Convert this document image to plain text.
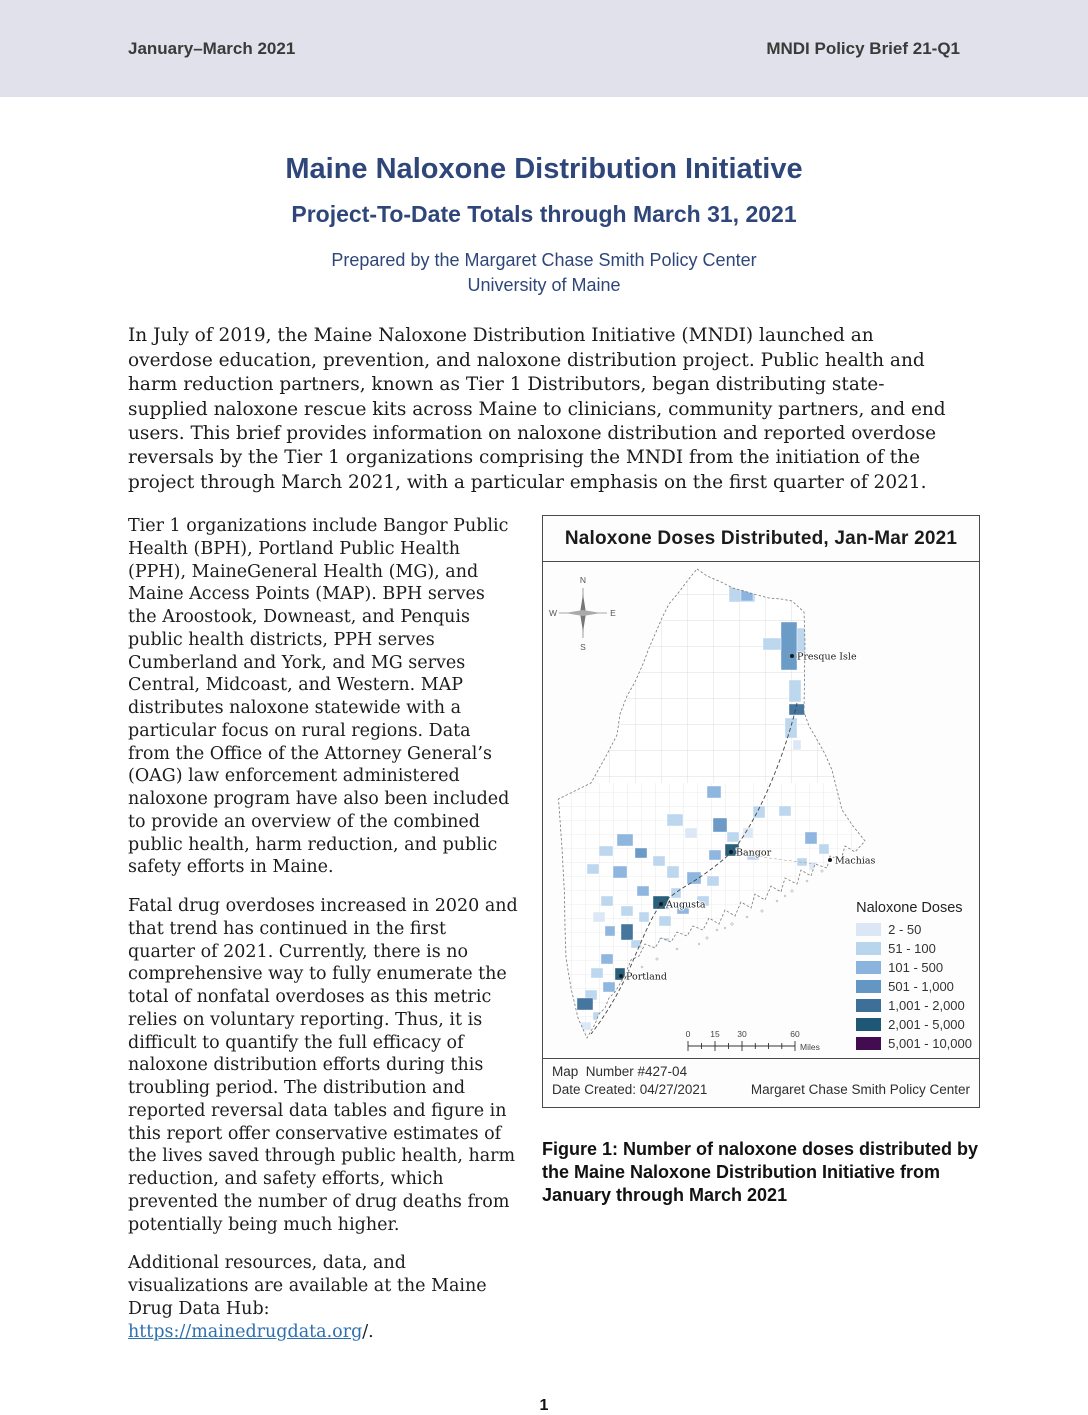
January–March 2021	MNDI Policy Brief 21-Q1
Maine Naloxone Distribution Initiative
Project-To-Date Totals through March 31, 2021
Prepared by the Margaret Chase Smith Policy Center
University of Maine

In July of 2019, the Maine Naloxone Distribution Initiative (MNDI) launched an overdose education, prevention, and naloxone distribution project. Public health and harm reduction partners, known as Tier 1 Distributors, began distributing state-supplied naloxone rescue kits across Maine to clinicians, community partners, and end users. This brief provides information on naloxone distribution and reported overdose reversals by the Tier 1 organizations comprising the MNDI from the initiation of the project through March 2021, with a particular emphasis on the first quarter of 2021.

Tier 1 organizations include Bangor Public Health (BPH), Portland Public Health (PPH), MaineGeneral Health (MG), and Maine Access Points (MAP). BPH serves the Aroostook, Downeast, and Penquis public health districts, PPH serves Cumberland and York, and MG serves Central, Midcoast, and Western. MAP distributes naloxone statewide with a particular focus on rural regions. Data from the Office of the Attorney General’s (OAG) law enforcement administered naloxone program have also been included to provide an overview of the combined public health, harm reduction, and public safety efforts in Maine.

Fatal drug overdoses increased in 2020 and that trend has continued in the first quarter of 2021. Currently, there is no comprehensive way to fully enumerate the total of nonfatal overdoses as this metric relies on voluntary reporting. Thus, it is difficult to quantify the full efficacy of naloxone distribution efforts during this troubling period. The distribution and reported reversal data tables and figure in this report offer conservative estimates of the lives saved through public health, harm reduction, and safety efforts, which prevented the number of drug deaths from potentially being much higher.

Additional resources, data, and visualizations are available at the Maine Drug Data Hub: https://mainedrugdata.org/.

Naloxone Doses Distributed, Jan-Mar 2021
Presque Isle
Bangor
Machias
Augusta
Portland
N
S
W	E
0 15 30	60
Miles
Naloxone Doses
2 - 50
51 - 100
101 - 500
501 - 1,000
1,001 - 2,000
2,001 - 5,000
5,001 - 10,000
Map  Number #427-04
Date Created: 04/27/2021	Margaret Chase Smith Policy Center
Figure 1: Number of naloxone doses distributed by the Maine Naloxone Distribution Initiative from January through March 2021
1
